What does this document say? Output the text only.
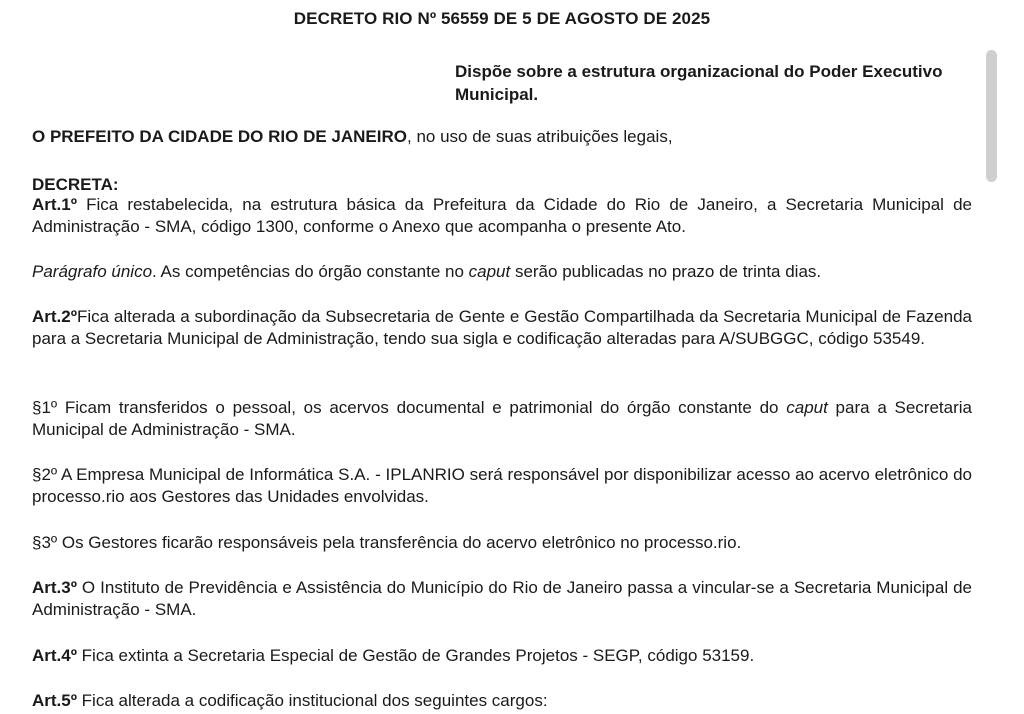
DECRETO RIO Nº 56559 DE 5 DE AGOSTO DE 2025
Dispõe sobre a estrutura organizacional do Poder Executivo Municipal.
O PREFEITO DA CIDADE DO RIO DE JANEIRO, no uso de suas atribuições legais,
DECRETA:
Art.1º Fica restabelecida, na estrutura básica da Prefeitura da Cidade do Rio de Janeiro, a Secretaria Municipal de Administração - SMA, código 1300, conforme o Anexo que acompanha o presente Ato.
Parágrafo único. As competências do órgão constante no caput serão publicadas no prazo de trinta dias.
Art.2ºFica alterada a subordinação da Subsecretaria de Gente e Gestão Compartilhada da Secretaria Municipal de Fazenda para a Secretaria Municipal de Administração, tendo sua sigla e codificação alteradas para A/SUBGGC, código 53549.
§1º Ficam transferidos o pessoal, os acervos documental e patrimonial do órgão constante do caput para a Secretaria Municipal de Administração - SMA.
§2º A Empresa Municipal de Informática S.A. - IPLANRIO será responsável por disponibilizar acesso ao acervo eletrônico do processo.rio aos Gestores das Unidades envolvidas.
§3º Os Gestores ficarão responsáveis pela transferência do acervo eletrônico no processo.rio.
Art.3º O Instituto de Previdência e Assistência do Município do Rio de Janeiro passa a vincular-se a Secretaria Municipal de Administração - SMA.
Art.4º Fica extinta a Secretaria Especial de Gestão de Grandes Projetos - SEGP, código 53159.
Art.5º Fica alterada a codificação institucional dos seguintes cargos:
